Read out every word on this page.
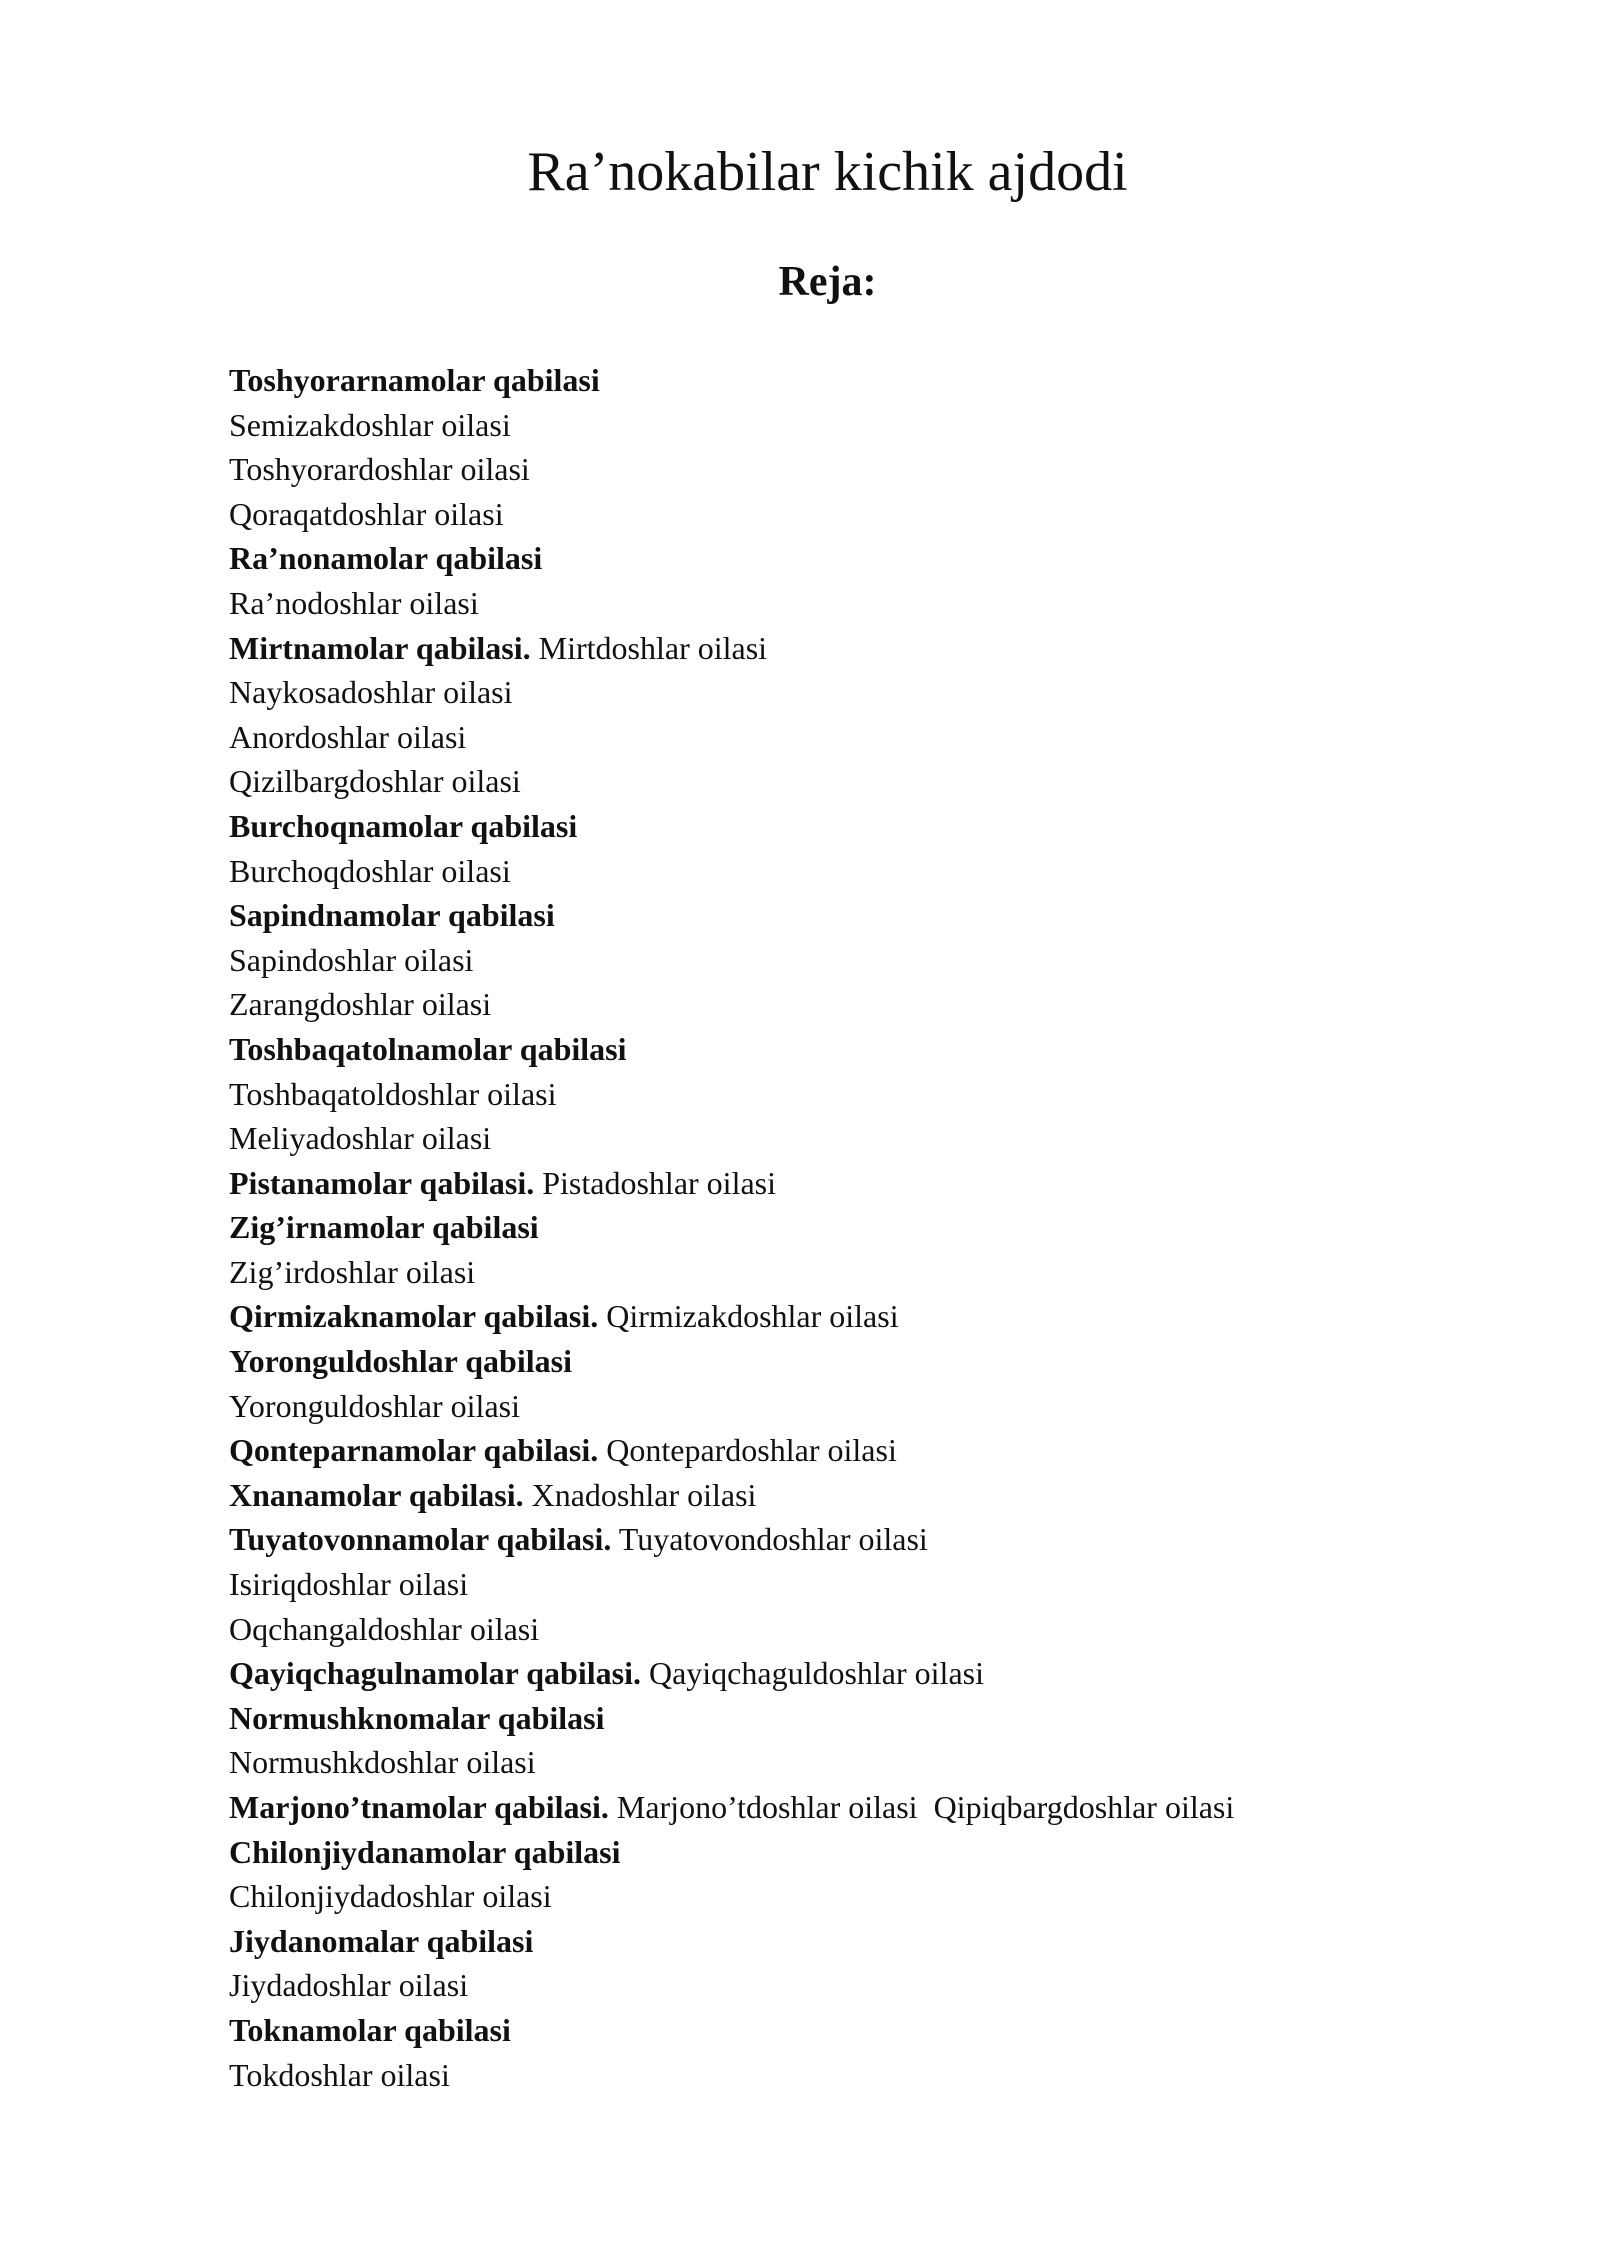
Ra’nokabilar kichik ajdodi
Reja:
Toshyorarnamolar qabilasi
Semizakdoshlar oilasi
Toshyorardoshlar oilasi
Qoraqatdoshlar oilasi
Ra’nonamolar qabilasi
Ra’nodoshlar oilasi
Mirtnamolar qabilasi. Mirtdoshlar oilasi
Naykosadoshlar oilasi
Anordoshlar oilasi
Qizilbargdoshlar oilasi
Burchoqnamolar qabilasi
Burchoqdoshlar oilasi
Sapindnamolar qabilasi
Sapindoshlar oilasi
Zarangdoshlar oilasi
Toshbaqatolnamolar qabilasi
Toshbaqatoldoshlar oilasi
Meliyadoshlar oilasi
Pistanamolar qabilasi. Pistadoshlar oilasi
Zig’irnamolar qabilasi
Zig’irdoshlar oilasi
Qirmizaknamolar qabilasi. Qirmizakdoshlar oilasi
Yoronguldoshlar qabilasi
Yoronguldoshlar oilasi
Qonteparnamolar qabilasi. Qontepardoshlar oilasi
Xnanamolar qabilasi. Xnadoshlar oilasi
Tuyatovonnamolar qabilasi. Tuyatovondoshlar oilasi
Isiriqdoshlar oilasi
Oqchangaldoshlar oilasi
Qayiqchagulnamolar qabilasi. Qayiqchaguldoshlar oilasi
Normushknomalar qabilasi
Normushkdoshlar oilasi
Marjono’tnamolar qabilasi. Marjono’tdoshlar oilasi  Qipiqbargdoshlar oilasi
Chilonjiydanamolar qabilasi
Chilonjiydadoshlar oilasi
Jiydanomalar qabilasi
Jiydadoshlar oilasi
Toknamolar qabilasi
Tokdoshlar oilasi
